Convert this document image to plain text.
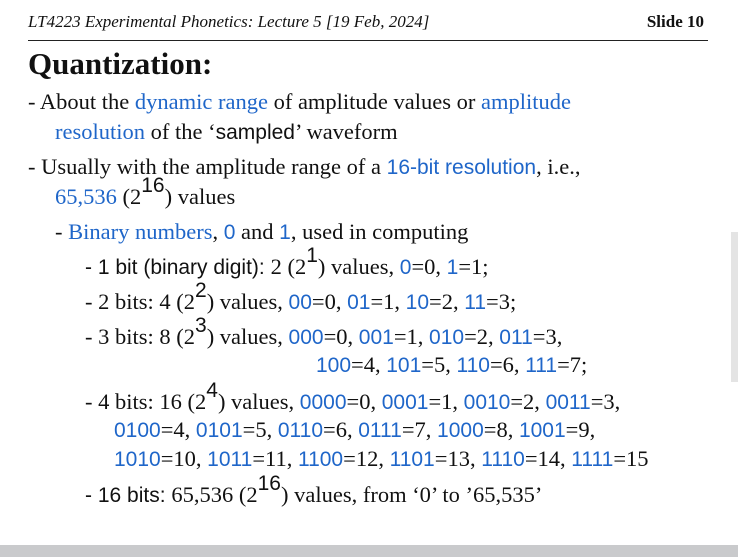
LT4223 Experimental Phonetics: Lecture 5 [19 Feb, 2024]	Slide 10
Quantization:
- About the dynamic range of amplitude values or amplitude
resolution of the ‘sampled’ waveform
- Usually with the amplitude range of a 16-bit resolution, i.e.,
65,536 $(2^{16})$ values
- Binary numbers, 0 and 1, used in computing
- 1 bit (binary digit): 2 $(2^1)$ values, 0=0, 1=1;
- 2 bits: 4 $(2^2)$ values, 00=0, 01=1, 10=2, 11=3;
- 3 bits: 8 $(2^3)$ values, 000=0, 001=1, 010=2, 011=3,
100=4, 101=5, 110=6, 111=7;
- 4 bits: 16 $(2^4)$ values, 0000=0, 0001=1, 0010=2, 0011=3,
0100=4, 0101=5, 0110=6, 0111=7, 1000=8, 1001=9,
1010=10, 1011=11, 1100=12, 1101=13, 1110=14, 1111=15
- 16 bits: 65,536 $(2^{16})$ values, from ‘0’ to ’65,535’
